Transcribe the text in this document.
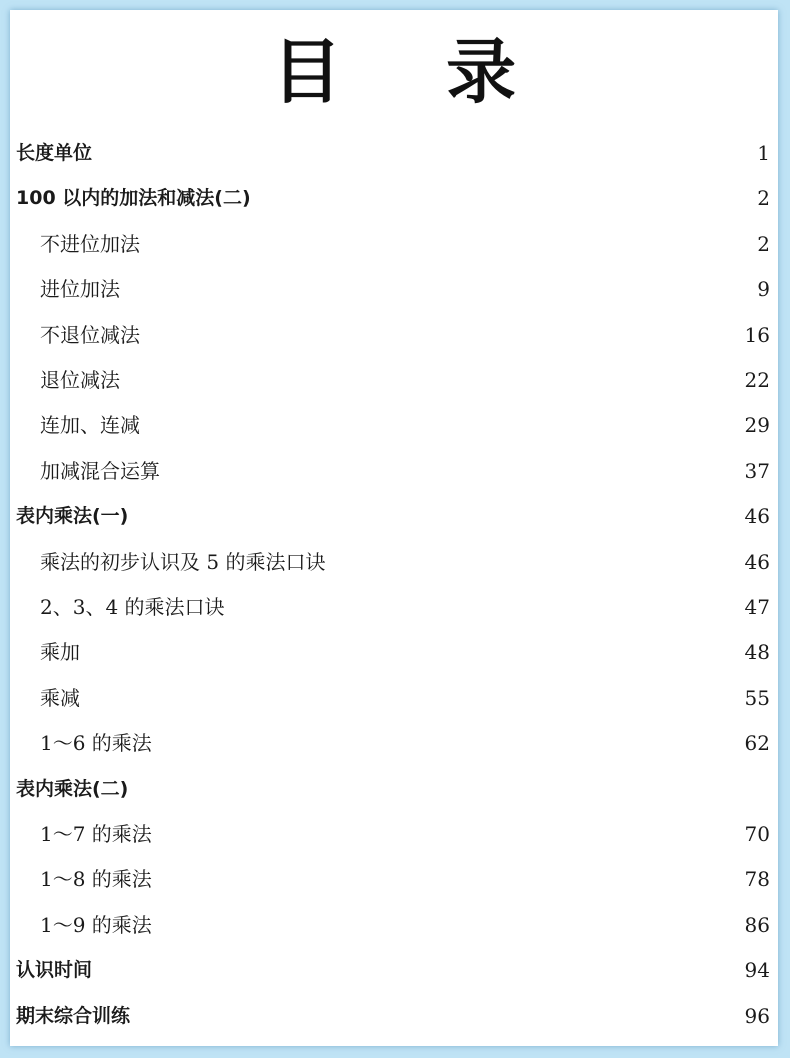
目 录
长度单位	1
100 以内的加法和减法(二)	2
不进位加法	2
进位加法	9
不退位减法	16
退位减法	22
连加、连减	29
加减混合运算	37
表内乘法(一)	46
乘法的初步认识及 5 的乘法口诀	46
2、3、4 的乘法口诀	47
乘加	48
乘减	55
1～6 的乘法	62
表内乘法(二)
1～7 的乘法	70
1～8 的乘法	78
1～9 的乘法	86
认识时间	94
期末综合训练	96
